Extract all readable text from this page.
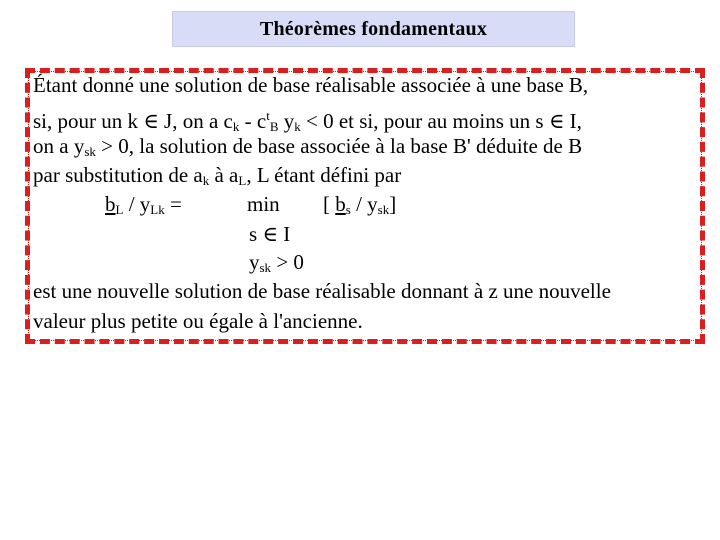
Théorèmes fondamentaux
Étant donné une solution de base réalisable associée à une base B,
si, pour un k ∈ J, on a ck - $c^tB$ yk < 0 et si, pour au moins un s ∈ I,
on a ysk > 0, la solution de base associée à la base B' déduite de B
par substitution de ak à aL, L étant défini par
bL / yLk =	min [ bs / ysk]
s ∈ I
ysk > 0
est une nouvelle solution de base réalisable donnant à z une nouvelle
valeur plus petite ou égale à l'ancienne.
